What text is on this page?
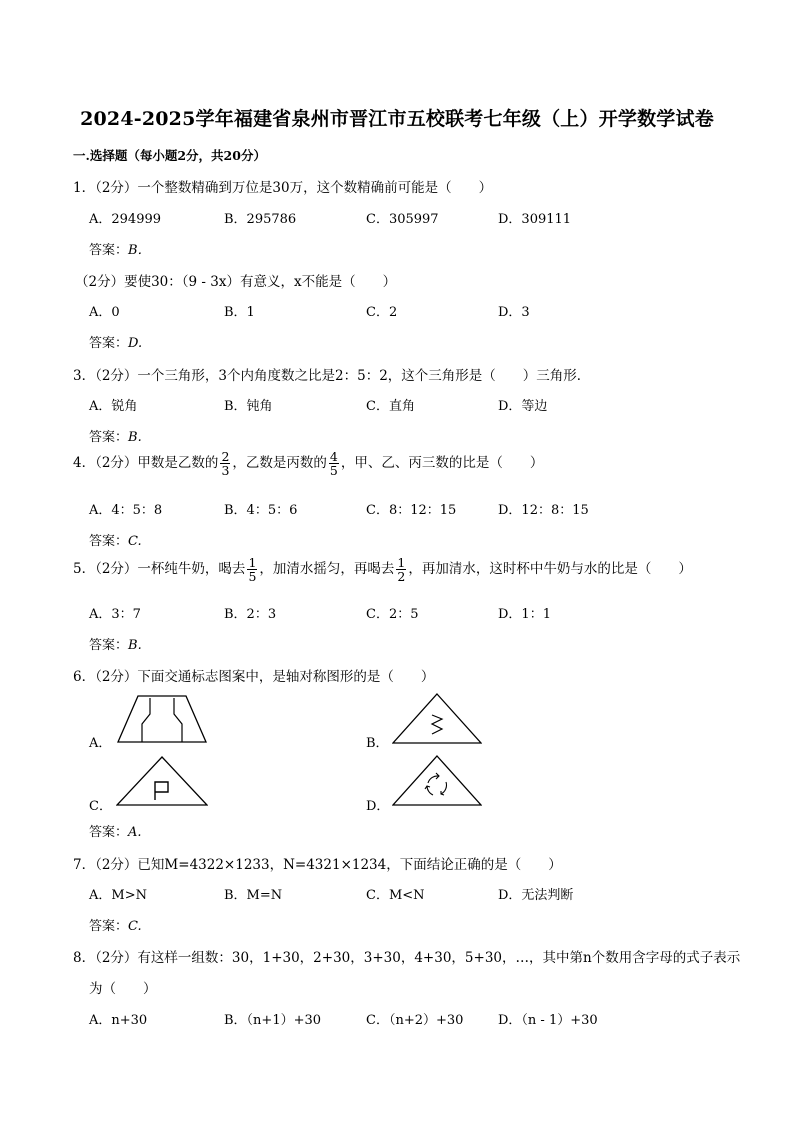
2024-2025学年福建省泉州市晋江市五校联考七年级（上）开学数学试卷
一.选择题（每小题2分，共20分）
1．（2分）一个整数精确到万位是30万，这个数精确前可能是（　　）
A．294999	B．295786	C．305997	D．309111
答案：B．
（2分）要使30：（9 - 3x）有意义，x不能是（　　）
A．0	B．1	C．2	D．3
答案：D.
3．（2分）一个三角形，3个内角度数之比是2：5：2，这个三角形是（　　）三角形．
A．锐角	B．钝角	C．直角	D．等边
答案：B.
4．（2分）甲数是乙数的 $\frac{2}{3}$ ，乙数是丙数的 $\frac{4}{5}$ ，甲、乙、丙三数的比是（　　）
A．4：5：8	B．4：5：6	C．8：12：15	D．12：8：15
答案：C.
5．（2分）一杯纯牛奶，喝去 $\frac{1}{5}$ ，加清水摇匀，再喝去 $\frac{1}{2}$ ，再加清水，这时杯中牛奶与水的比是（　　）
A．3：7	B．2：3	C．2：5	D．1：1
答案：B.
6．（2分）下面交通标志图案中，是轴对称图形的是（　　）
A．	B．
C．	D．
答案：A.
7．（2分）已知M=4322×1233，N=4321×1234，下面结论正确的是（　　）
A．M>N	B．M=N	C．M<N	D．无法判断
答案：C.
8．（2分）有这样一组数：30，1+30，2+30，3+30，4+30，5+30，…，其中第n个数用含字母的式子表示
为（　　）
A．n+30	B．（n+1）+30	C．（n+2）+30	D．（n - 1）+30
